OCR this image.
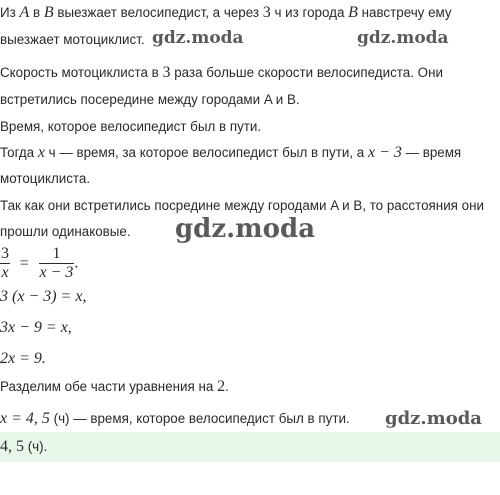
Из A в B выезжает велосипедист, а через 3 ч из города B навстречу ему
выезжает мотоциклист.
Скорость мотоциклиста в 3 раза больше скорости велосипедиста. Они
встретились посередине между городами A и B.
Время, которое велосипедист был в пути.
Тогда x ч — время, за которое велосипедист был в пути, а x − 3 — время
мотоциклиста.
Так как они встретились посредине между городами A и B, то расстояния они
прошли одинаковые.
$\frac{3}{x} = \frac{1}{x - 3}$ .
3 (x − 3) = x,
3x − 9 = x,
2x = 9.
Разделим обе части уравнения на 2.
x = 4, 5 (ч) — время, которое велосипедист был в пути.
4, 5 (ч).
gdz.moda	gdz.moda
gdz.moda
gdz.moda
